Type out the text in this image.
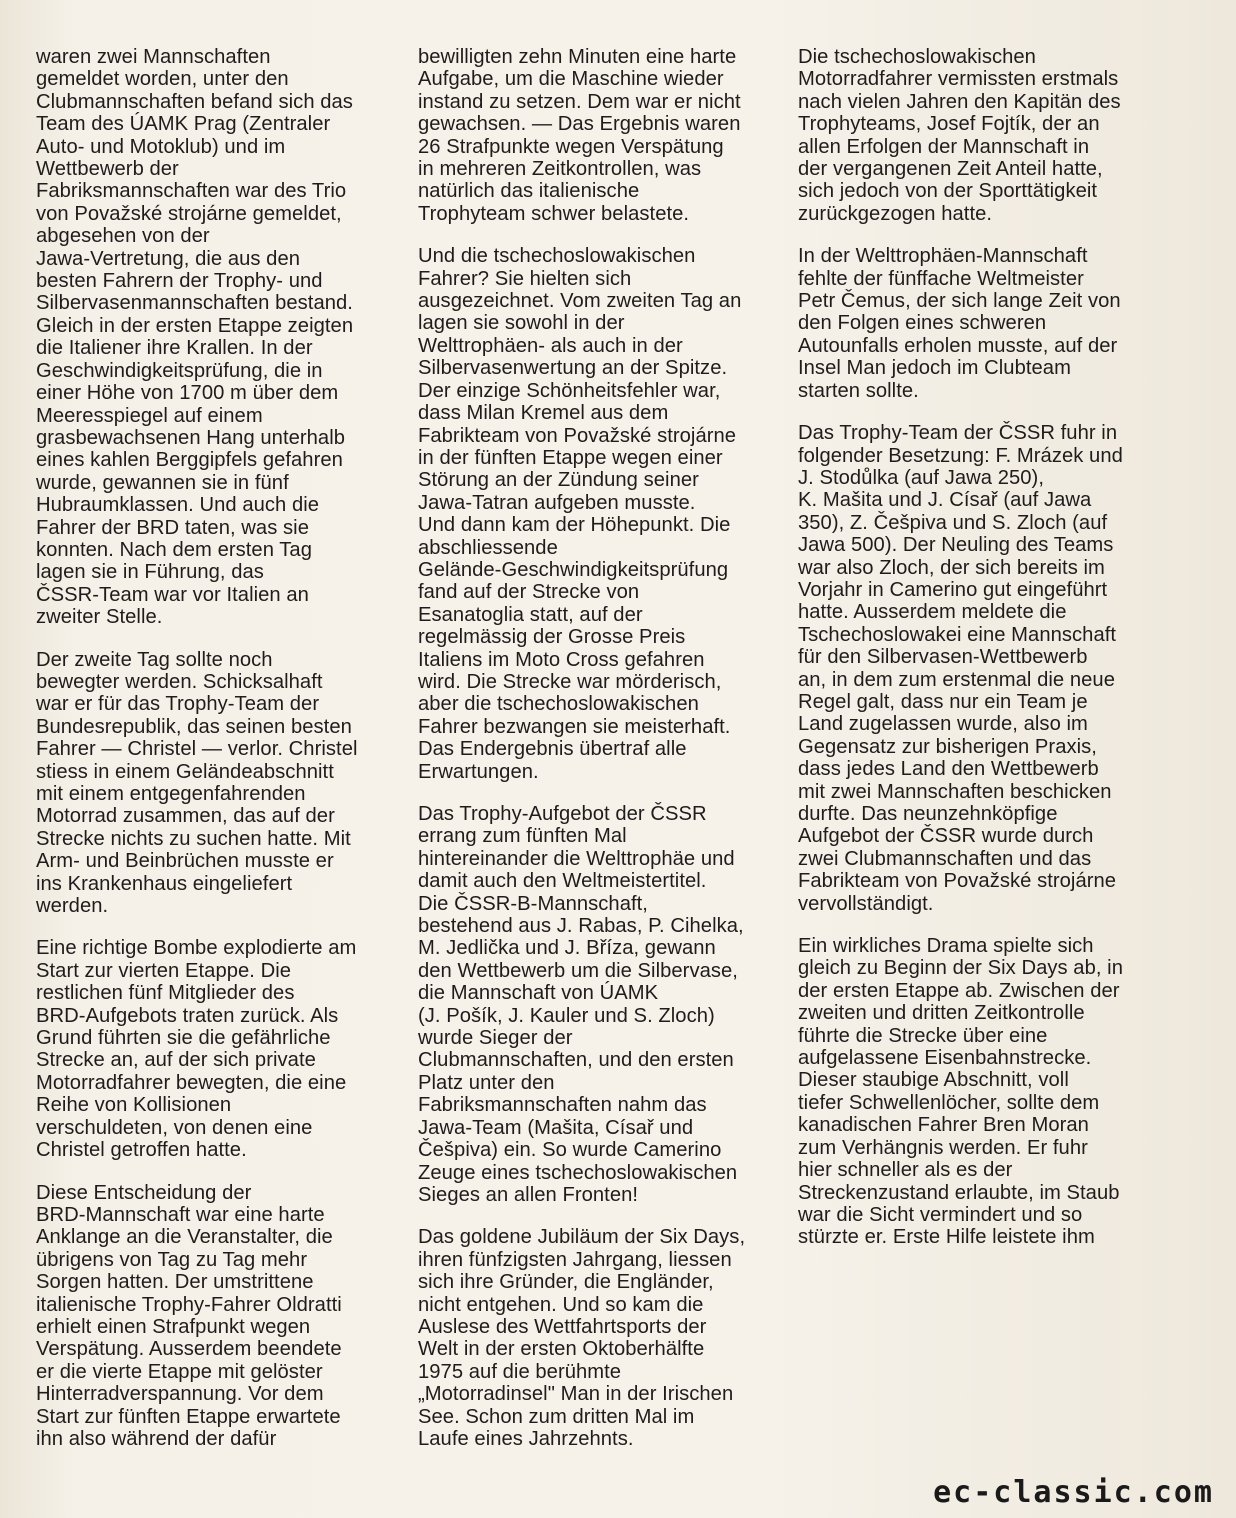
waren zwei Mannschaften
gemeldet worden, unter den
Clubmannschaften befand sich das
Team des ÚAMK Prag (Zentraler
Auto- und Motoklub) und im
Wettbewerb der
Fabriksmannschaften war des Trio
von Považské strojárne gemeldet,
abgesehen von der
Jawa-Vertretung, die aus den
besten Fahrern der Trophy- und
Silbervasenmannschaften bestand.
Gleich in der ersten Etappe zeigten
die Italiener ihre Krallen. In der
Geschwindigkeitsprüfung, die in
einer Höhe von 1700 m über dem
Meeresspiegel auf einem
grasbewachsenen Hang unterhalb
eines kahlen Berggipfels gefahren
wurde, gewannen sie in fünf
Hubraumklassen. Und auch die
Fahrer der BRD taten, was sie
konnten. Nach dem ersten Tag
lagen sie in Führung, das
ČSSR-Team war vor Italien an
zweiter Stelle.

Der zweite Tag sollte noch
bewegter werden. Schicksalhaft
war er für das Trophy-Team der
Bundesrepublik, das seinen besten
Fahrer — Christel — verlor. Christel
stiess in einem Geländeabschnitt
mit einem entgegenfahrenden
Motorrad zusammen, das auf der
Strecke nichts zu suchen hatte. Mit
Arm- und Beinbrüchen musste er
ins Krankenhaus eingeliefert
werden.

Eine richtige Bombe explodierte am
Start zur vierten Etappe. Die
restlichen fünf Mitglieder des
BRD-Aufgebots traten zurück. Als
Grund führten sie die gefährliche
Strecke an, auf der sich private
Motorradfahrer bewegten, die eine
Reihe von Kollisionen
verschuldeten, von denen eine
Christel getroffen hatte.

Diese Entscheidung der
BRD-Mannschaft war eine harte
Anklange an die Veranstalter, die
übrigens von Tag zu Tag mehr
Sorgen hatten. Der umstrittene
italienische Trophy-Fahrer Oldratti
erhielt einen Strafpunkt wegen
Verspätung. Ausserdem beendete
er die vierte Etappe mit gelöster
Hinterradverspannung. Vor dem
Start zur fünften Etappe erwartete
ihn also während der dafür

bewilligten zehn Minuten eine harte
Aufgabe, um die Maschine wieder
instand zu setzen. Dem war er nicht
gewachsen. — Das Ergebnis waren
26 Strafpunkte wegen Verspätung
in mehreren Zeitkontrollen, was
natürlich das italienische
Trophyteam schwer belastete.

Und die tschechoslowakischen
Fahrer? Sie hielten sich
ausgezeichnet. Vom zweiten Tag an
lagen sie sowohl in der
Welttrophäen- als auch in der
Silbervasenwertung an der Spitze.
Der einzige Schönheitsfehler war,
dass Milan Kremel aus dem
Fabrikteam von Považské strojárne
in der fünften Etappe wegen einer
Störung an der Zündung seiner
Jawa-Tatran aufgeben musste.
Und dann kam der Höhepunkt. Die
abschliessende
Gelände-Geschwindigkeitsprüfung
fand auf der Strecke von
Esanatoglia statt, auf der
regelmässig der Grosse Preis
Italiens im Moto Cross gefahren
wird. Die Strecke war mörderisch,
aber die tschechoslowakischen
Fahrer bezwangen sie meisterhaft.
Das Endergebnis übertraf alle
Erwartungen.

Das Trophy-Aufgebot der ČSSR
errang zum fünften Mal
hintereinander die Welttrophäe und
damit auch den Weltmeistertitel.
Die ČSSR-B-Mannschaft,
bestehend aus J. Rabas, P. Cihelka,
M. Jedlička und J. Bříza, gewann
den Wettbewerb um die Silbervase,
die Mannschaft von ÚAMK
(J. Pošík, J. Kauler und S. Zloch)
wurde Sieger der
Clubmannschaften, und den ersten
Platz unter den
Fabriksmannschaften nahm das
Jawa-Team (Mašita, Císař und
Češpiva) ein. So wurde Camerino
Zeuge eines tschechoslowakischen
Sieges an allen Fronten!

Das goldene Jubiläum der Six Days,
ihren fünfzigsten Jahrgang, liessen
sich ihre Gründer, die Engländer,
nicht entgehen. Und so kam die
Auslese des Wettfahrtsports der
Welt in der ersten Oktoberhälfte
1975 auf die berühmte
„Motorradinsel" Man in der Irischen
See. Schon zum dritten Mal im
Laufe eines Jahrzehnts.

Die tschechoslowakischen
Motorradfahrer vermissten erstmals
nach vielen Jahren den Kapitän des
Trophyteams, Josef Fojtík, der an
allen Erfolgen der Mannschaft in
der vergangenen Zeit Anteil hatte,
sich jedoch von der Sporttätigkeit
zurückgezogen hatte.

In der Welttrophäen-Mannschaft
fehlte der fünffache Weltmeister
Petr Čemus, der sich lange Zeit von
den Folgen eines schweren
Autounfalls erholen musste, auf der
Insel Man jedoch im Clubteam
starten sollte.

Das Trophy-Team der ČSSR fuhr in
folgender Besetzung: F. Mrázek und
J. Stodůlka (auf Jawa 250),
K. Mašita und J. Císař (auf Jawa
350), Z. Češpiva und S. Zloch (auf
Jawa 500). Der Neuling des Teams
war also Zloch, der sich bereits im
Vorjahr in Camerino gut eingeführt
hatte. Ausserdem meldete die
Tschechoslowakei eine Mannschaft
für den Silbervasen-Wettbewerb
an, in dem zum erstenmal die neue
Regel galt, dass nur ein Team je
Land zugelassen wurde, also im
Gegensatz zur bisherigen Praxis,
dass jedes Land den Wettbewerb
mit zwei Mannschaften beschicken
durfte. Das neunzehnköpfige
Aufgebot der ČSSR wurde durch
zwei Clubmannschaften und das
Fabrikteam von Považské strojárne
vervollständigt.

Ein wirkliches Drama spielte sich
gleich zu Beginn der Six Days ab, in
der ersten Etappe ab. Zwischen der
zweiten und dritten Zeitkontrolle
führte die Strecke über eine
aufgelassene Eisenbahnstrecke.
Dieser staubige Abschnitt, voll
tiefer Schwellenlöcher, sollte dem
kanadischen Fahrer Bren Moran
zum Verhängnis werden. Er fuhr
hier schneller als es der
Streckenzustand erlaubte, im Staub
war die Sicht vermindert und so
stürzte er. Erste Hilfe leistete ihm

ec-classic.com
